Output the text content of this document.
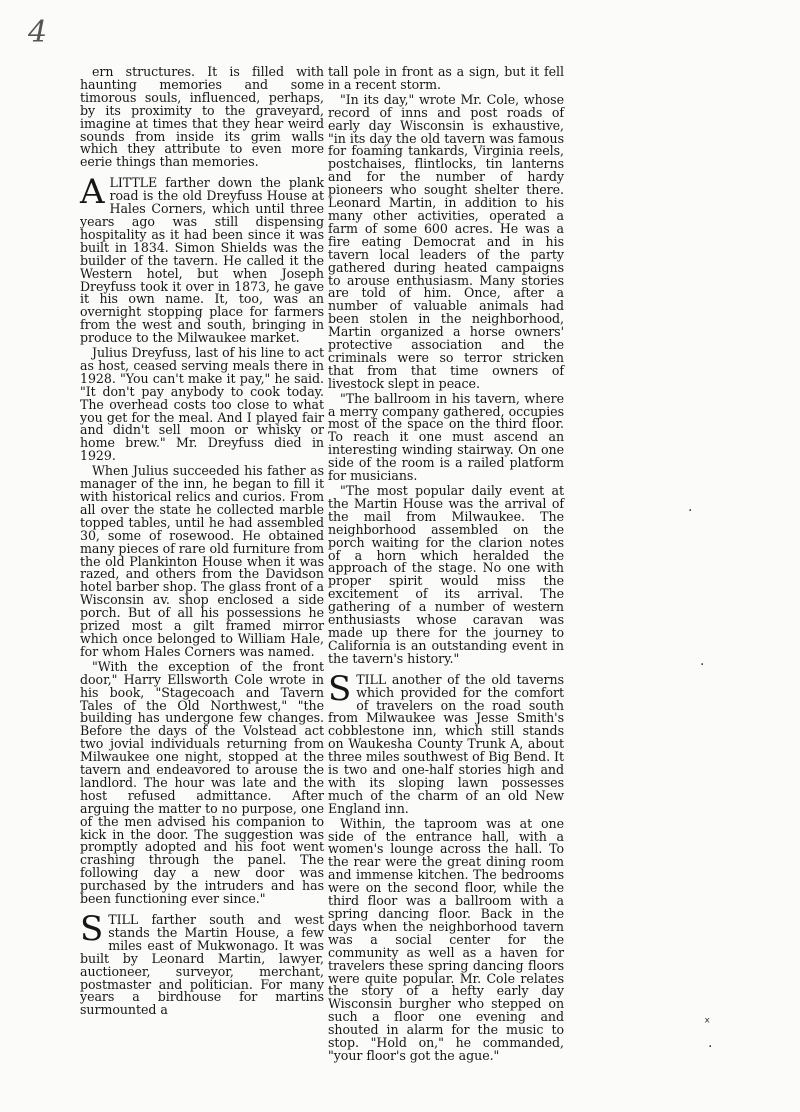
4

ern structures. It is filled with haunting memories and some timorous souls, influenced, perhaps, by its proximity to the graveyard, imagine at times that they hear weird sounds from inside its grim walls which they attribute to even more eerie things than memories.

ALITTLE farther down the plank road is the old Dreyfuss House at Hales Corners, which until three years ago was still dispensing hospitality as it had been since it was built in 1834. Simon Shields was the builder of the tavern. He called it the Western hotel, but when Joseph Dreyfuss took it over in 1873, he gave it his own name. It, too, was an overnight stopping place for farmers from the west and south, bringing in produce to the Milwaukee market.

Julius Dreyfuss, last of his line to act as host, ceased serving meals there in 1928. "You can't make it pay," he said. "It don't pay anybody to cook today. The overhead costs too close to what you get for the meal. And I played fair and didn't sell moon or whisky or home brew." Mr. Dreyfuss died in 1929.

When Julius succeeded his father as manager of the inn, he began to fill it with historical relics and curios. From all over the state he collected marble topped tables, until he had assembled 30, some of rosewood. He obtained many pieces of rare old furniture from the old Plankinton House when it was razed, and others from the Davidson hotel barber shop. The glass front of a Wisconsin av. shop enclosed a side porch. But of all his possessions he prized most a gilt framed mirror which once belonged to William Hale, for whom Hales Corners was named.

"With the exception of the front door," Harry Ellsworth Cole wrote in his book, "Stagecoach and Tavern Tales of the Old Northwest," "the building has undergone few changes. Before the days of the Volstead act two jovial individuals returning from Milwaukee one night, stopped at the tavern and endeavored to arouse the landlord. The hour was late and the host refused admittance. After arguing the matter to no purpose, one of the men advised his companion to kick in the door. The suggestion was promptly adopted and his foot went crashing through the panel. The following day a new door was purchased by the intruders and has been functioning ever since."

STILL farther south and west stands the Martin House, a few miles east of Mukwonago. It was built by Leonard Martin, lawyer, auctioneer, surveyor, merchant, postmaster and politician. For many years a birdhouse for martins surmounted a

tall pole in front as a sign, but it fell in a recent storm.

"In its day," wrote Mr. Cole, whose record of inns and post roads of early day Wisconsin is exhaustive, "in its day the old tavern was famous for foaming tankards, Virginia reels, postchaises, flintlocks, tin lanterns and for the number of hardy pioneers who sought shelter there. Leonard Martin, in addition to his many other activities, operated a farm of some 600 acres. He was a fire eating Democrat and in his tavern local leaders of the party gathered during heated campaigns to arouse enthusiasm. Many stories are told of him. Once, after a number of valuable animals had been stolen in the neighborhood, Martin organized a horse owners' protective association and the criminals were so terror stricken that from that time owners of livestock slept in peace.

"The ballroom in his tavern, where a merry company gathered, occupies most of the space on the third floor. To reach it one must ascend an interesting winding stairway. On one side of the room is a railed platform for musicians.

"The most popular daily event at the Martin House was the arrival of the mail from Milwaukee. The neighborhood assembled on the porch waiting for the clarion notes of a horn which heralded the approach of the stage. No one with proper spirit would miss the excitement of its arrival. The gathering of a number of western enthusiasts whose caravan was made up there for the journey to California is an outstanding event in the tavern's history."

STILL another of the old taverns which provided for the comfort of travelers on the road south from Milwaukee was Jesse Smith's cobblestone inn, which still stands on Waukesha County Trunk A, about three miles southwest of Big Bend. It is two and one-half stories high and with its sloping lawn possesses much of the charm of an old New England inn.

Within, the taproom was at one side of the entrance hall, with a women's lounge across the hall. To the rear were the great dining room and immense kitchen. The bedrooms were on the second floor, while the third floor was a ballroom with a spring dancing floor. Back in the days when the neighborhood tavern was a social center for the community as well as a haven for travelers these spring dancing floors were quite popular. Mr. Cole relates the story of a hefty early day Wisconsin burgher who stepped on such a floor one evening and shouted in alarm for the music to stop. "Hold on," he commanded, "your floor's got the ague."

·
·
ˣ
·
